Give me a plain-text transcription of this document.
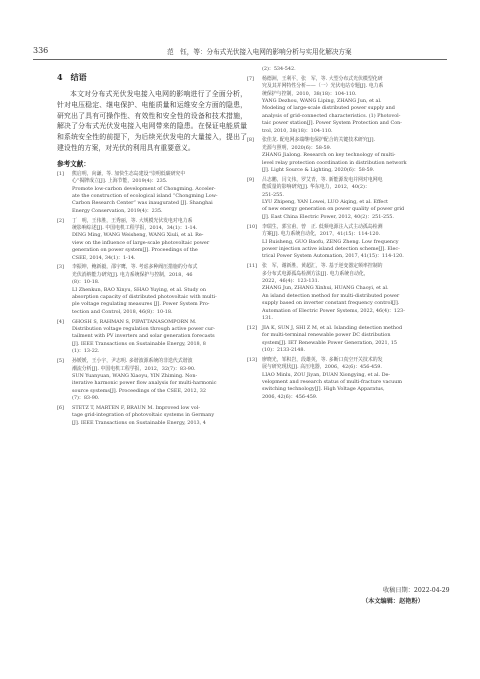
336	范　钰，等：分布式光伏接入电网的影响分析与实用化解决方案
4　结语

本文对分布式光伏发电接入电网的影响进行了全面分析，针对电压稳定、继电保护、电能质量和运维安全方面的隐患，研究出了具有可操作性、有效性和安全性的设备和技术措施，解决了分布式光伏发电接入电网带来的隐患。在保证电能质量和系统安全性的前提下，为后续光伏发电的大量接入，提出了建设性的方案，对光伏的利用具有重要意义。

参考文献：
[1]	熊启明，向谦，等. 加快生态岛建设“崇明低碳研究中
心”揭牌成立[J]. 上海节能，2019(4)：235.
Promote low-carbon development of Chongming. Acceler-
ate the construction of ecological island “Chongming Low-
Carbon Research Center” was inaugurated [J]. Shanghai
Energy Conservation, 2019(4)：235.
[2]	丁　明，王伟胜，王秀丽，等. 大规模光伏发电对电力系
统影响综述[J]. 中国电机工程学报，2014，34(1)：1-14.
DING Ming, WANG Weisheng, WANG Xiuli, et al. Re-
view on the influence of large-scale photovoltaic power
generation on power system[J]. Proceedings of the
CSEE, 2014, 34(1)：1-14.
[3]	李振坤，鲍新毅，邵宇鹰，等. 考虑多种阀压措施的分布式
光伏消纳能力研究[J]. 电力系统保护与控制，2018，46
(8)：10-18.
LI Zhenkun, BAO Xinyu, SHAO Yuying, et al. Study on
absorption capacity of distributed photovoltaic with multi-
ple voltage regulating measures [J]. Power System Pro-
tection and Control, 2018, 46(8)：10-18.
[4]	GHOSH S, RAHMAN S, PIPATTANASOMPORN M.
Distribution voltage regulation through active power cur-
tailment with PV inverters and solar generation forecasts
[J]. IEEE Transactions on Sustainable Energy, 2018, 8
(1)：13-22.
[5]	孙媛媛，王小宇，尹志明. 多谐波源系统的非迭代式谐波
潮流分析[J]. 中国电机工程学报，2012，32(7)：83-90.
SUN Yuanyuan, WANG Xiaoyu, YIN Zhiming. Non-
iterative harmonic power flow analysis for multi-harmonic
source systems[J]. Proceedings of the CSEE, 2012, 32
(7)：83-90.
[6]	STETZ T, MARTEN F, BRAUN M. Improved low vol-
tage grid-integration of photovoltaic systems in Germany
[J]. IEEE Transactions on Sustainable Energy, 2013, 4
(2)：534-542.
[7]	杨德洲，王利平，张　军，等. 大型分布式光伏模型化研
究及其并网特性分析——（一）光伏电站专题[J]. 电力系
统保护与控制，2010，38(18)：104-110.
YANG Dezhou, WANG Liping, ZHANG Jun, et al.
Modeling of large-scale distributed power supply and
analysis of grid-connected characteristics. (1) Photovol-
taic power station[J]. Power System Protection and Con-
trol, 2010, 38(18)：104-110.
[8]	张佳龙. 配电网多端继电保护配合的关键技术研究[J].
光源与照明，2020(6)：58-59.
ZHANG Jialong. Research on key technology of multi-
level relay protection coordination in distribution network
[J]. Light Source & Lighting, 2020(6)：58-59.
[9]	吕志鹏，闫文伟，罗艾青，等. 新能源发电并网对电网电
能质量的影响研究[J]. 华东电力，2012，40(2)：
251-255.
LYU Zhipeng, YAN Lowei, LUO Aiqing, et al. Effect
of new energy generation on power quality of power grid
[J]. East China Electric Power, 2012, 40(2)：251-255.
[10]	李瑞生，郭宝甫，曾　正. 低频电源注入式主动孤岛检测
方案[J]. 电力系统自动化，2017，41(15)：114-120.
LI Ruisheng, GUO Baofu, ZENG Zheng. Low frequency
power injection active island detection scheme[J]. Elec-
trical Power System Automation, 2017, 41(15)：114-120.
[11]	张　军，谢新胜，黄超汇，等. 基于逆变器定频率控制的
多分布式电源孤岛检测方法[J]. 电力系统自动化，
2022，46(4)：123-131.
ZHANG Jun, ZHANG Xinhui, HUANG Chaoyi, et al.
An island detection method for multi-distributed power
supply based on inverter constant frequency control[J].
Automation of Electric Power Systems, 2022, 46(4)：123-
131.
[12]	JIA K, SUN J, SHI Z M, et al. Islanding detection method
for multi-terminal renewable power DC distribution
system[J]. IET Renewable Power Generation, 2021, 15
(10)：2133-2148.
[13]	廖晓光，邹积岩，段雄英，等. 多断口真空开关技术的发
展与研究现状[J]. 高压电器，2006，42(6)：456-459.
LIAO Minlu, ZOU Jiyan, DUAN Xiongying, et al. De-
velopment and research status of multi-fracture vacuum
switching technology[J]. High Voltage Apparatus,
2006, 42(6)：456-459.
收稿日期：2022-04-29
（本文编辑：赵艳粉）
